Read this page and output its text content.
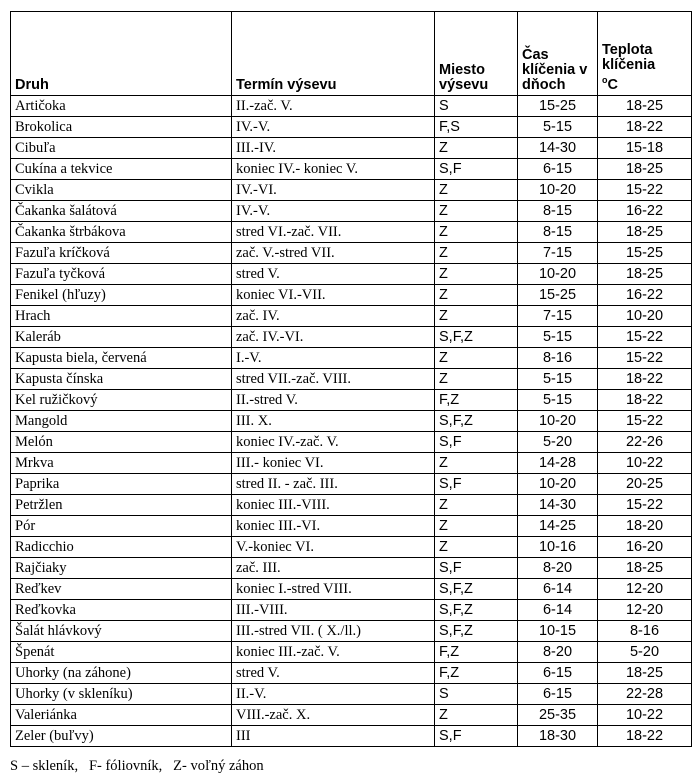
Druh	Termín výsevu	Miesto výsevu	Čas klíčenia v dňoch	Teplota klíčenia
$^o$C

Artičoka	II.-zač. V.	S	15-25	18-25
Brokolica	IV.-V.	F,S	5-15	18-22
Cibuľa	III.-IV.	Z	14-30	15-18
Cukína a tekvice	koniec IV.- koniec V.	S,F	6-15	18-25
Cvikla	IV.-VI.	Z	10-20	15-22
Čakanka šalátová	IV.-V.	Z	8-15	16-22
Čakanka štrbákova	stred VI.-zač. VII.	Z	8-15	18-25
Fazuľa kríčková	zač. V.-stred VII.	Z	7-15	15-25
Fazuľa tyčková	stred V.	Z	10-20	18-25
Fenikel (hľuzy)	koniec VI.-VII.	Z	15-25	16-22
Hrach	zač. IV.	Z	7-15	10-20
Kaleráb	zač. IV.-VI.	S,F,Z	5-15	15-22
Kapusta biela, červená	I.-V.	Z	8-16	15-22
Kapusta čínska	stred VII.-zač. VIII.	Z	5-15	18-22
Kel ružičkový	II.-stred V.	F,Z	5-15	18-22
Mangold	III. X.	S,F,Z	10-20	15-22
Melón	koniec IV.-zač. V.	S,F	5-20	22-26
Mrkva	III.- koniec VI.	Z	14-28	10-22
Paprika	stred II. - zač. III.	S,F	10-20	20-25
Petržlen	koniec III.-VIII.	Z	14-30	15-22
Pór	koniec III.-VI.	Z	14-25	18-20
Radicchio	V.-koniec VI.	Z	10-16	16-20
Rajčiaky	zač. III.	S,F	8-20	18-25
Reďkev	koniec I.-stred VIII.	S,F,Z	6-14	12-20
Reďkovka	III.-VIII.	S,F,Z	6-14	12-20
Šalát hlávkový	III.-stred VII. ( X./ll.)	S,F,Z	10-15	8-16
Špenát	koniec III.-zač. V.	F,Z	8-20	5-20
Uhorky (na záhone)	stred V.	F,Z	6-15	18-25
Uhorky (v skleníku)	II.-V.	S	6-15	22-28
Valeriánka	VIII.-zač. X.	Z	25-35	10-22
Zeler (buľvy)	III	S,F	18-30	18-22
S – skleník,   F- fóliovník,   Z- voľný záhon
